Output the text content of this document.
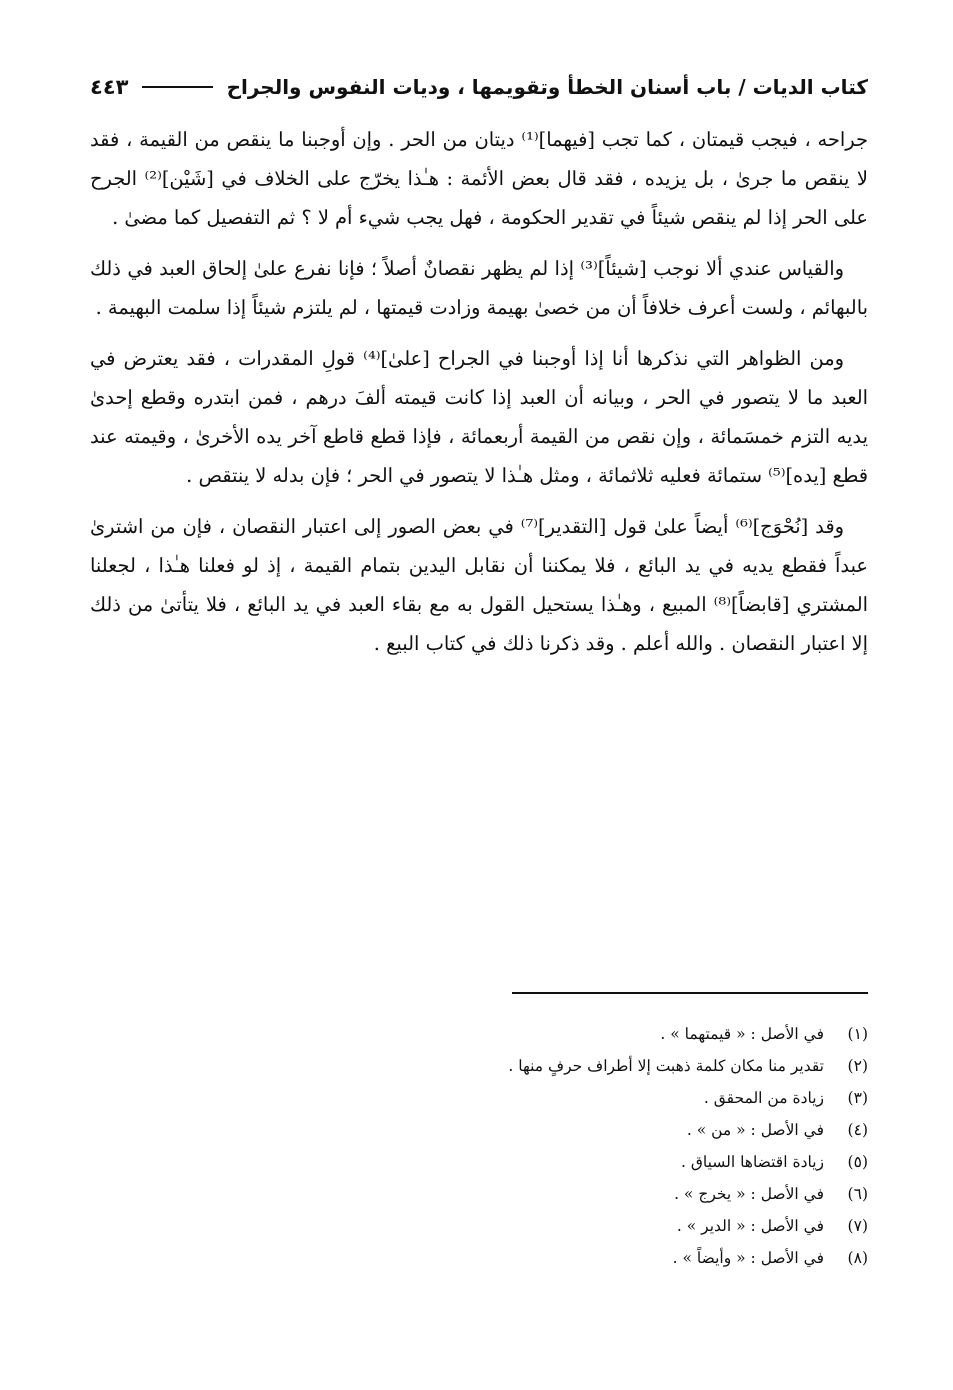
كتاب الديات / باب أسنان الخطأ وتقويمها ، وديات النفوس والجراح
٤٤٣

جراحه ، فيجب قيمتان ، كما تجب [فيهما]⁽¹⁾ ديتان من الحر . وإن أوجبنا ما ينقص من القيمة ، فقد لا ينقص ما جرىٰ ، بل يزيده ، فقد قال بعض الأئمة : هـٰذا يخرّج على الخلاف في [شَيْن]⁽²⁾ الجرح على الحر إذا لم ينقص شيئاً في تقدير الحكومة ، فهل يجب شيء أم لا ؟ ثم التفصيل كما مضىٰ .

والقياس عندي ألا نوجب [شيئاً]⁽³⁾ إذا لم يظهر نقصانٌ أصلاً ؛ فإنا نفرع علىٰ إلحاق العبد في ذلك بالبهائم ، ولست أعرف خلافاً أن من خصىٰ بهيمة وزادت قيمتها ، لم يلتزم شيئاً إذا سلمت البهيمة .

ومن الظواهر التي نذكرها أنا إذا أوجبنا في الجراح [علىٰ]⁽⁴⁾ قولِ المقدرات ، فقد يعترض في العبد ما لا يتصور في الحر ، وبيانه أن العبد إذا كانت قيمته ألفَ درهم ، فمن ابتدره وقطع إحدىٰ يديه التزم خمسَمائة ، وإن نقص من القيمة أربعمائة ، فإذا قطع قاطع آخر يده الأخرىٰ ، وقيمته عند قطع [يده]⁽⁵⁾ ستمائة فعليه ثلاثمائة ، ومثل هـٰذا لا يتصور في الحر ؛ فإن بدله لا ينتقص .

وقد [نُحْوَج]⁽⁶⁾ أيضاً علىٰ قول [التقدير]⁽⁷⁾ في بعض الصور إلى اعتبار النقصان ، فإن من اشترىٰ عبداً فقطع يديه في يد البائع ، فلا يمكننا أن نقابل اليدين بتمام القيمة ، إذ لو فعلنا هـٰذا ، لجعلنا المشتري [قابضاً]⁽⁸⁾ المبيع ، وهـٰذا يستحيل القول به مع بقاء العبد في يد البائع ، فلا يتأتىٰ من ذلك إلا اعتبار النقصان . والله أعلم . وقد ذكرنا ذلك في كتاب البيع .

(١)
في الأصل : « قيمتهما » .
(٢)
تقدير منا مكان كلمة ذهبت إلا أطراف حرفٍ منها .
(٣)
زيادة من المحقق .
(٤)
في الأصل : « من » .
(٥)
زيادة اقتضاها السياق .
(٦)
في الأصل : « يخرج » .
(٧)
في الأصل : « الدير » .
(٨)
في الأصل : « وأيضاً » .
